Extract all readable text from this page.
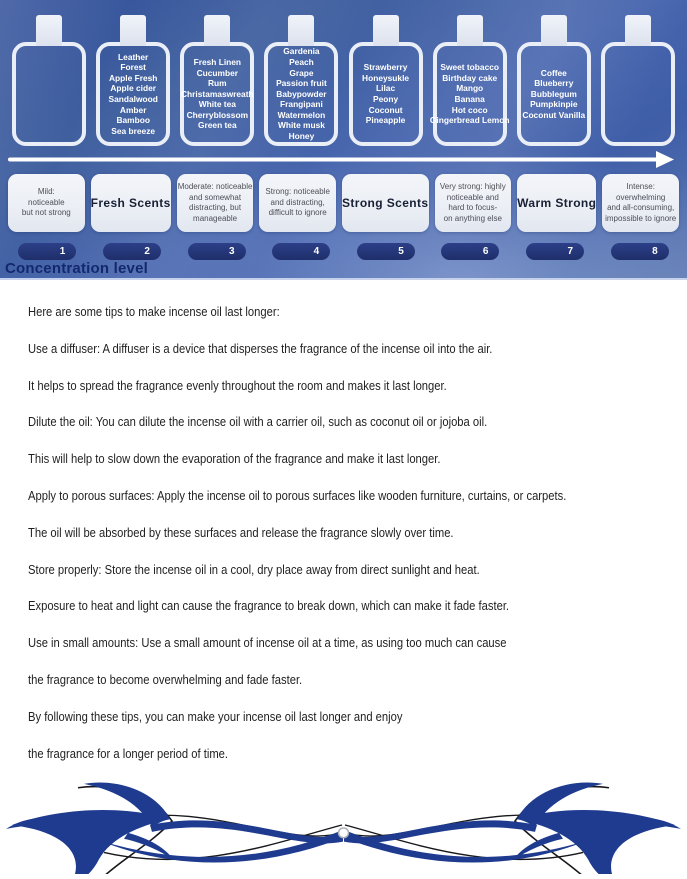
Leather
Forest
Apple Fresh
Apple cider
Sandalwood
Amber
Bamboo
Sea breeze
Fresh Linen
Cucumber
Rum
Christamaswreath
White tea
Cherryblossom
Green tea
Gardenia
Peach
Grape
Passion fruit
Babypowder
Frangipani
Watermelon
White musk
Honey
Strawberry
Honeysukle
Lilac
Peony
Coconut
Pineapple
Sweet tobacco
Birthday cake
Mango
Banana
Hot coco
Gingerbread Lemon
Coffee
Blueberry
Bubblegum
Pumpkinpie
Coconut Vanilla
Mild:
noticeable
but not strong
Fresh Scents
Moderate: noticeable
and somewhat
distracting, but
manageable
Strong: noticeable
and distracting,
difficult to ignore
Strong Scents
Very strong: highly
noticeable and
hard to focus-
on anything else
Warm Strong
Intense:
overwhelming
and all-consuming,
impossible to ignore
1	2	3	4	5	6	7	8
Concentration level

Here are some tips to make incense oil last longer:

Use a diffuser: A diffuser is a device that disperses the fragrance of the incense oil into the air.

It helps to spread the fragrance evenly throughout the room and makes it last longer.

Dilute the oil: You can dilute the incense oil with a carrier oil, such as coconut oil or jojoba oil.

This will help to slow down the evaporation of the fragrance and make it last longer.

Apply to porous surfaces: Apply the incense oil to porous surfaces like wooden furniture, curtains, or carpets.

The oil will be absorbed by these surfaces and release the fragrance slowly over time.

Store properly: Store the incense oil in a cool, dry place away from direct sunlight and heat.

Exposure to heat and light can cause the fragrance to break down, which can make it fade faster.

Use in small amounts: Use a small amount of incense oil at a time, as using too much can cause

the fragrance to become overwhelming and fade faster.

By following these tips, you can make your incense oil last longer and enjoy

the fragrance for a longer period of time.
